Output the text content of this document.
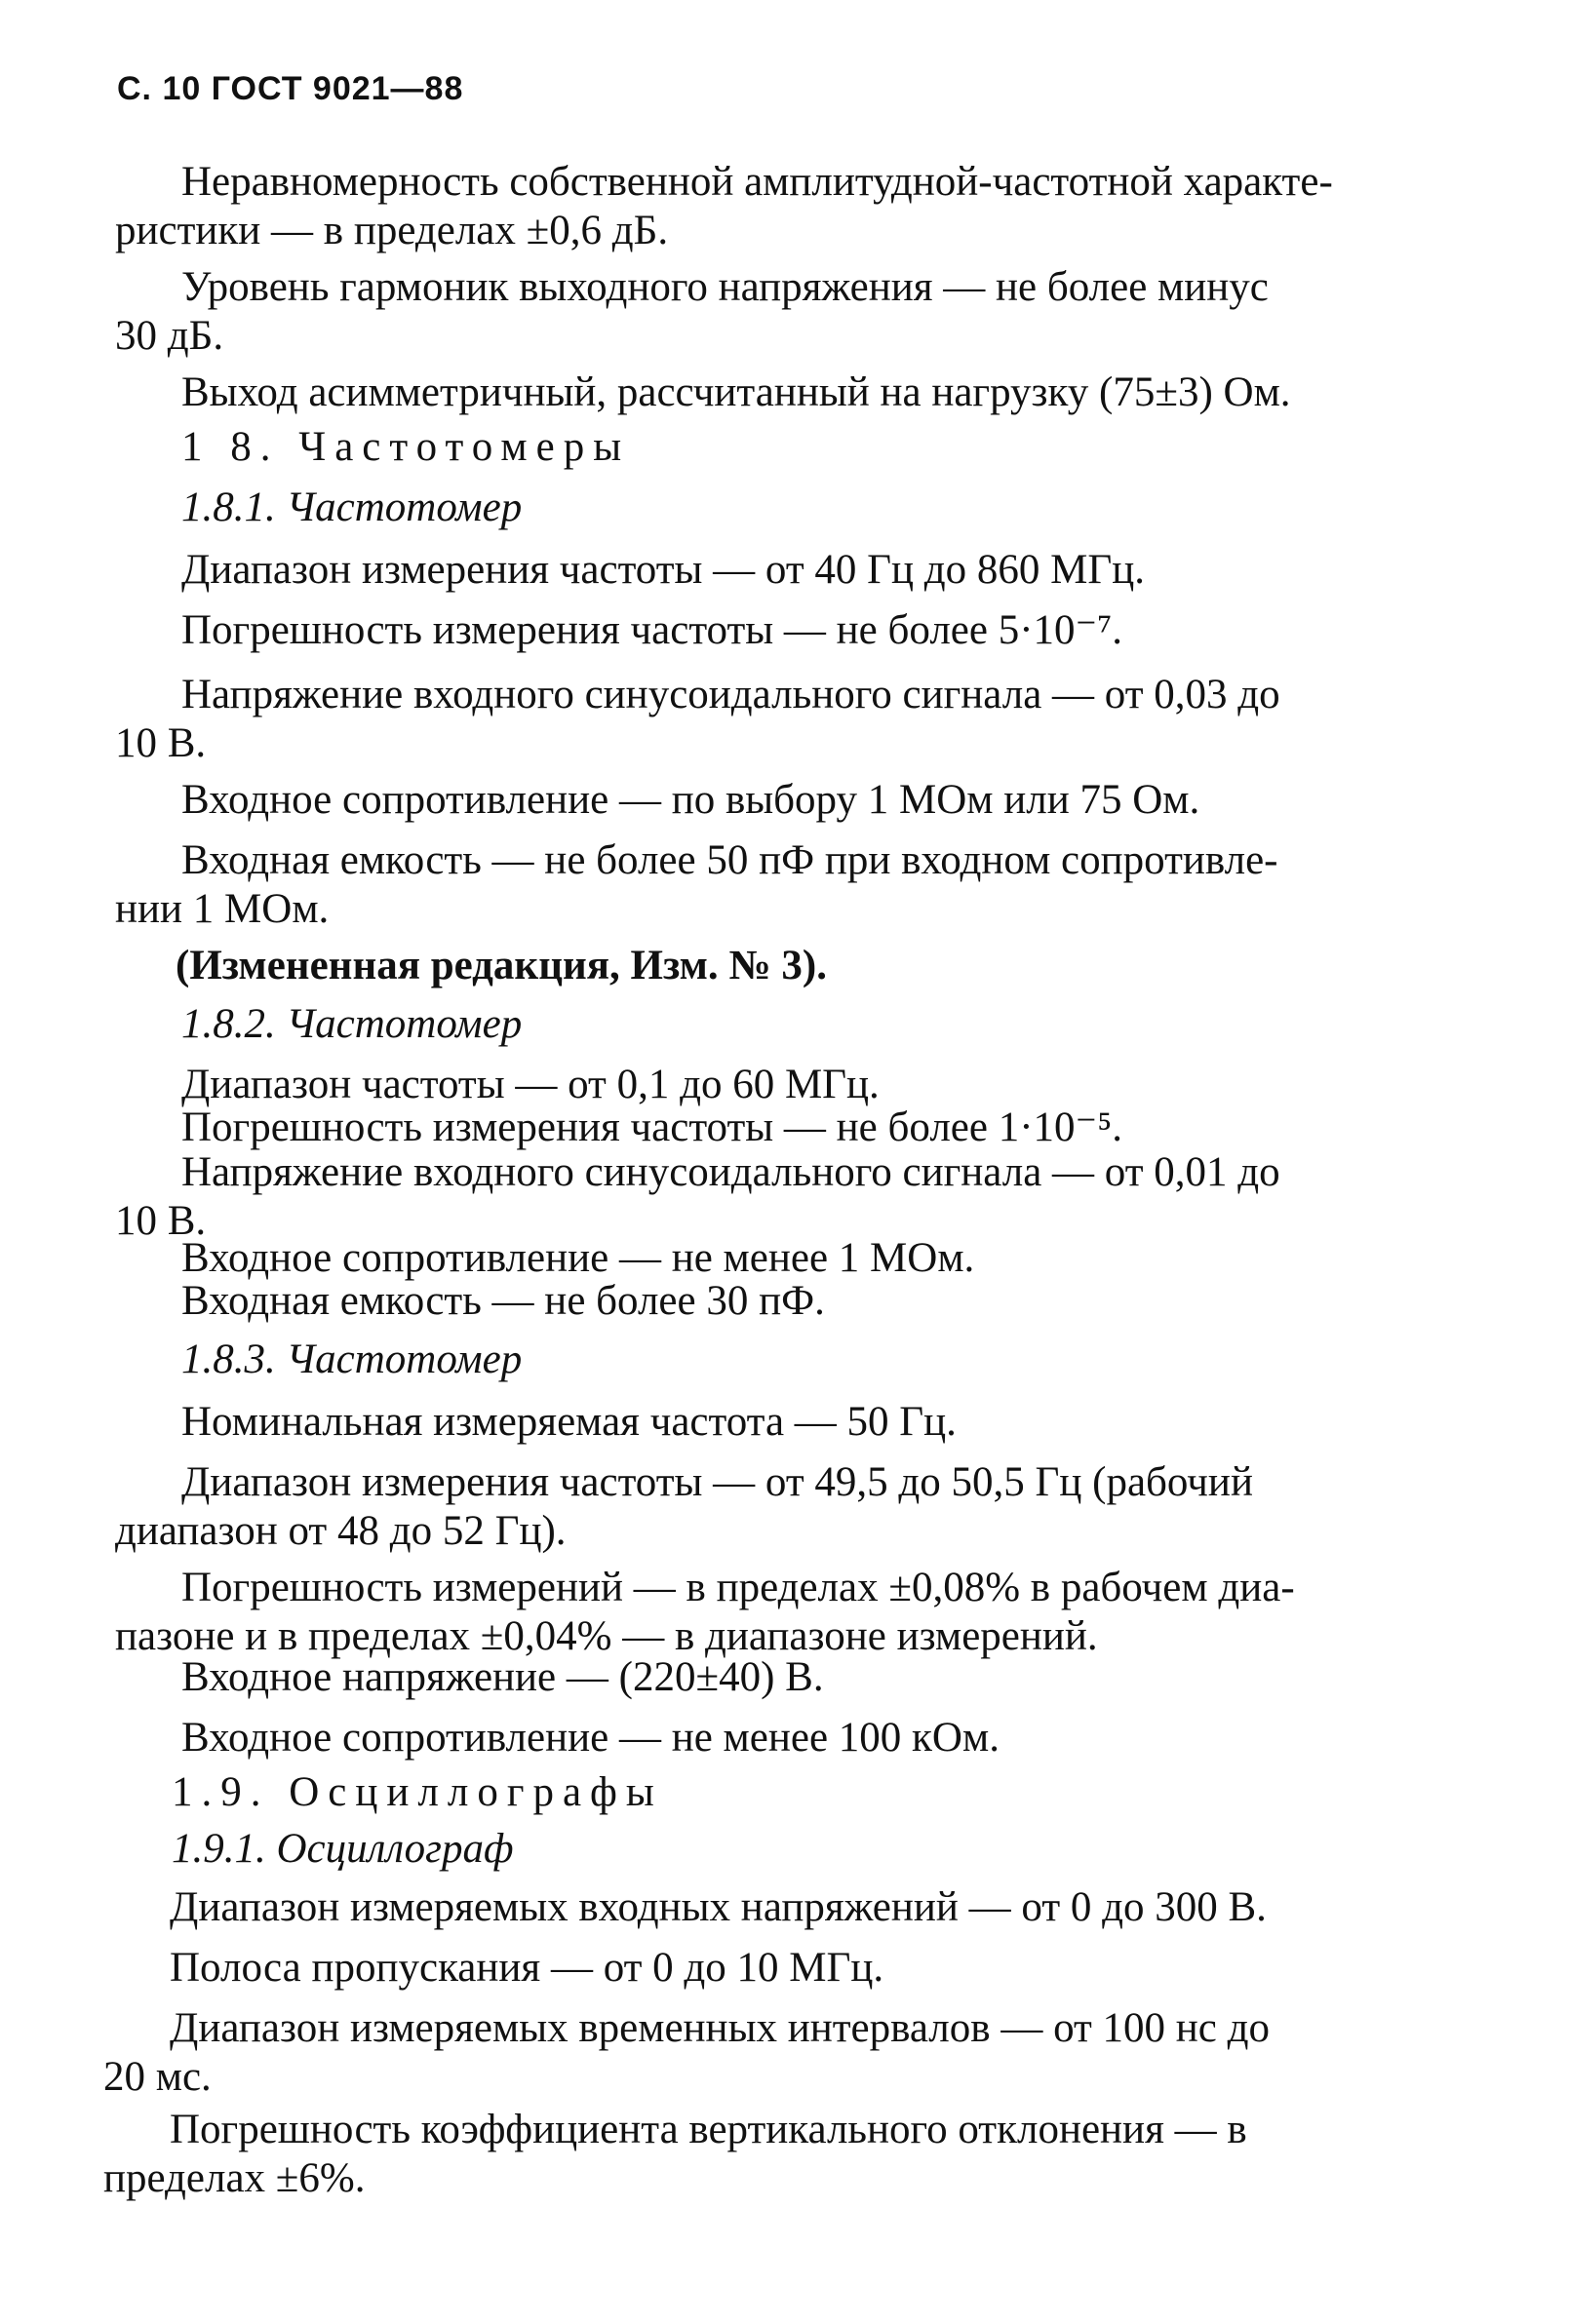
С. 10 ГОСТ 9021—88
Неравномерность собственной амплитудной-частотной характе-
ристики — в пределах ±0,6 дБ.
Уровень гармоник выходного напряжения — не более минус
30 дБ.
Выход асимметричный, рассчитанный на нагрузку (75±3) Ом.
1 8. Частотомеры
1.8.1. Частотомер
Диапазон измерения частоты — от 40 Гц до 860 МГц.
Погрешность измерения частоты — не более 5·10⁻⁷.
Напряжение входного синусоидального сигнала — от 0,03 до
10 В.
Входное сопротивление — по выбору 1 МОм или 75 Ом.
Входная емкость — не более 50 пФ при входном сопротивле-
нии 1 МОм.
(Измененная редакция, Изм. № 3).
1.8.2. Частотомер
Диапазон частоты — от 0,1 до 60 МГц.
Погрешность измерения частоты — не более 1·10⁻⁵.
Напряжение входного синусоидального сигнала — от 0,01 до
10 В.
Входное сопротивление — не менее 1 МОм.
Входная емкость — не более 30 пФ.
1.8.3. Частотомер
Номинальная измеряемая частота — 50 Гц.
Диапазон измерения частоты — от 49,5 до 50,5 Гц (рабочий
диапазон от 48 до 52 Гц).
Погрешность измерений — в пределах ±0,08% в рабочем диа-
пазоне и в пределах ±0,04% — в диапазоне измерений.
Входное напряжение — (220±40) В.
Входное сопротивление — не менее 100 кОм.
1.9. Осциллографы
1.9.1. Осциллограф
Диапазон измеряемых входных напряжений — от 0 до 300 В.
Полоса пропускания — от 0 до 10 МГц.
Диапазон измеряемых временных интервалов — от 100 нс до
20 мс.
Погрешность коэффициента вертикального отклонения — в
пределах ±6%.
